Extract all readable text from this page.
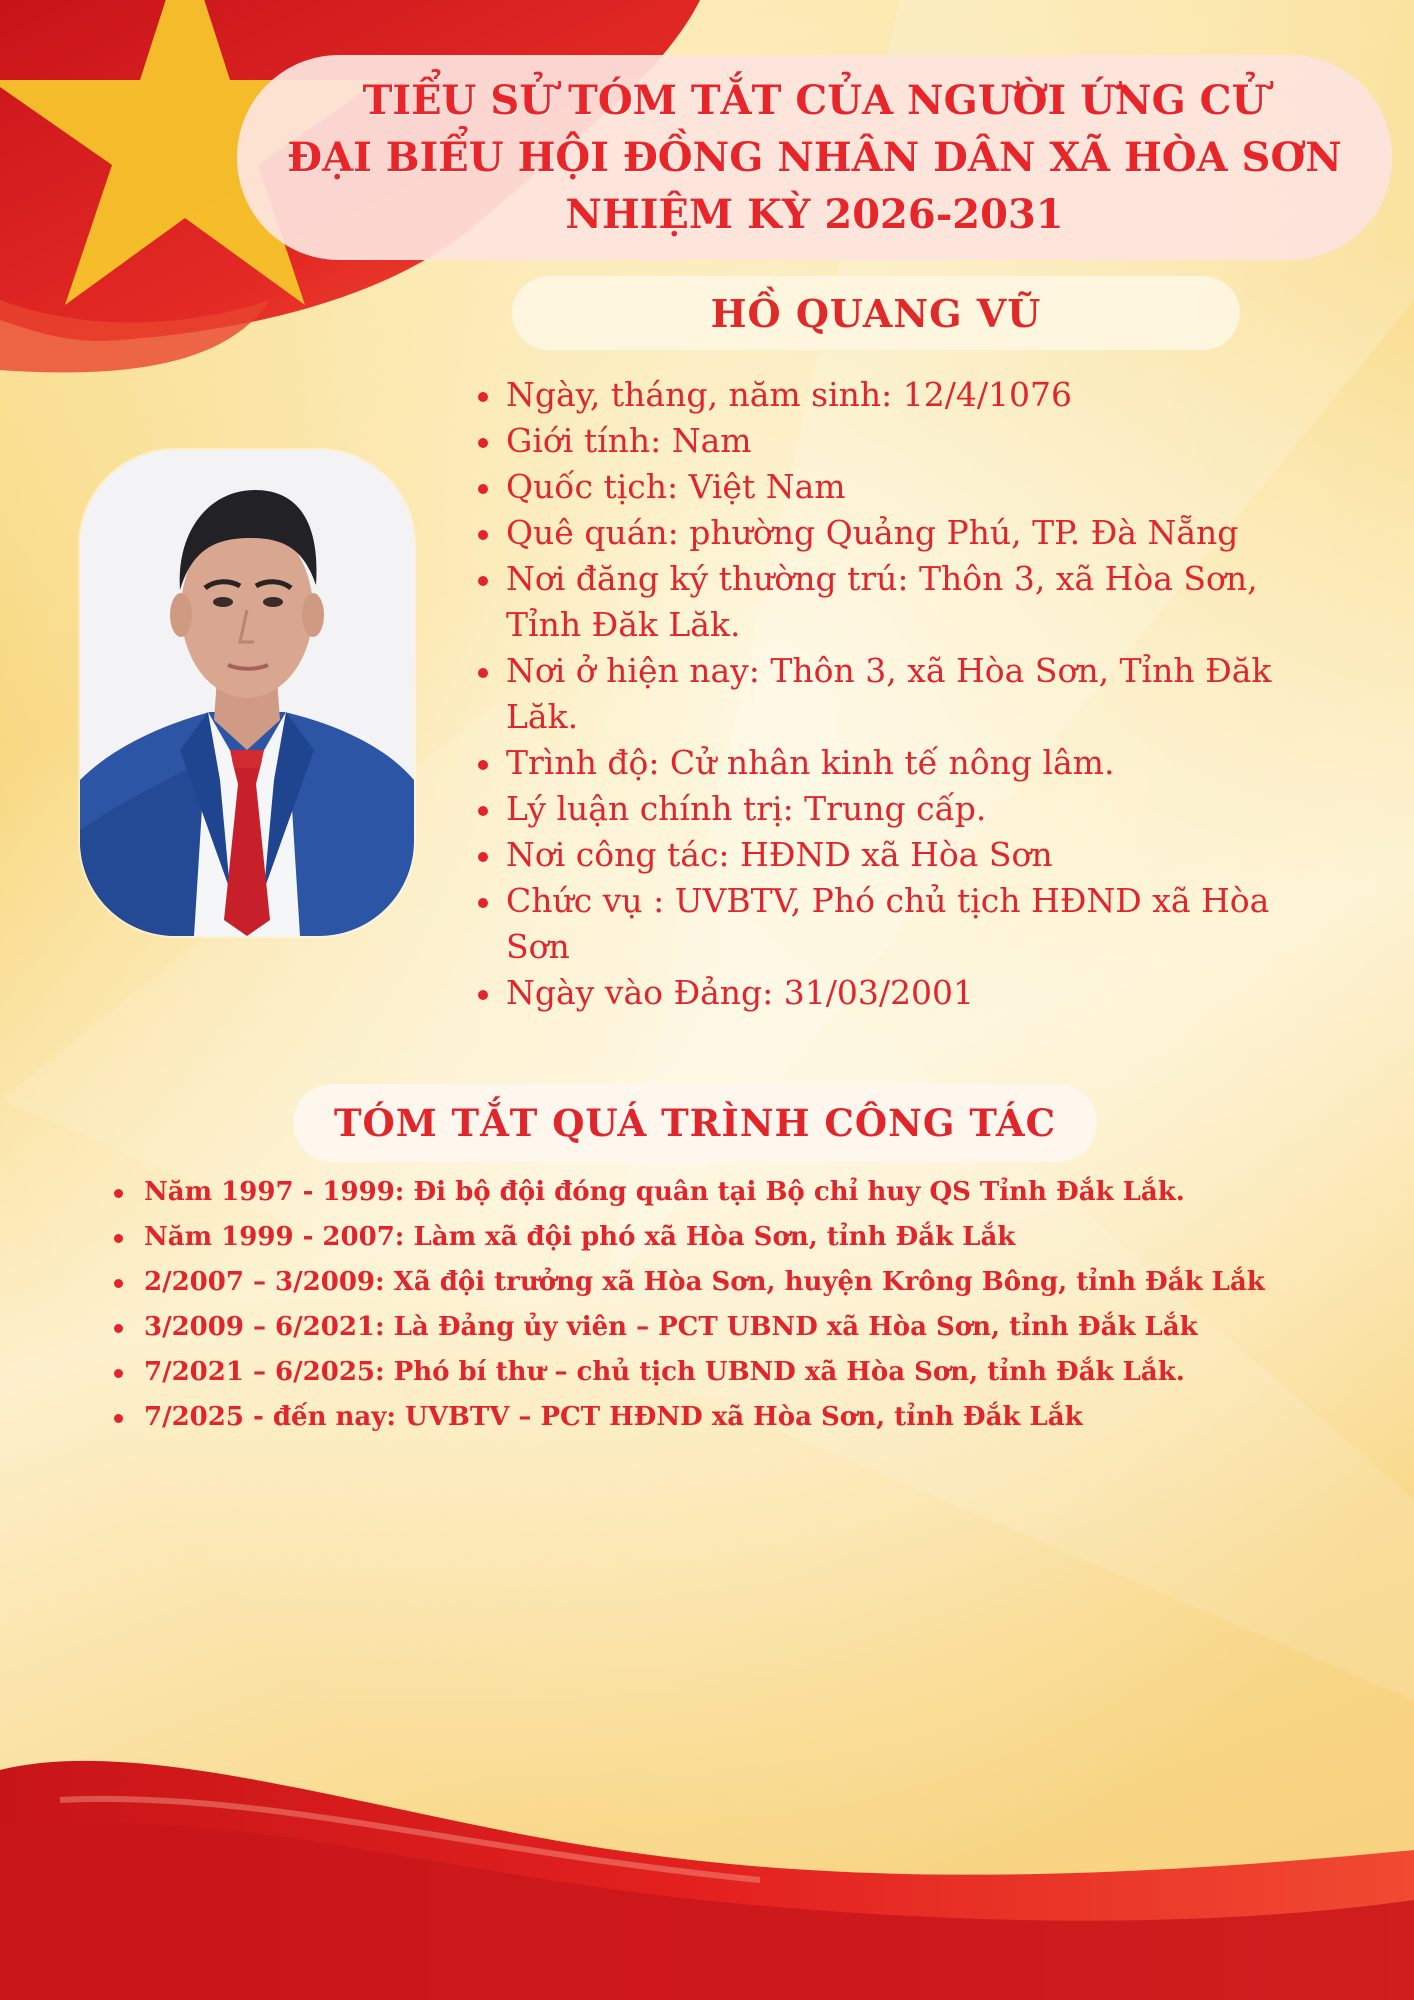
TIỂU SỬ TÓM TẮT CỦA NGƯỜI ỨNG CỬ
ĐẠI BIỂU HỘI ĐỒNG NHÂN DÂN XÃ HÒA SƠN
NHIỆM KỲ 2026-2031
HỒ QUANG VŨ
Ngày, tháng, năm sinh: 12/4/1076
Giới tính: Nam
Quốc tịch: Việt Nam
Quê quán: phường Quảng Phú, TP. Đà Nẵng
Nơi đăng ký thường trú: Thôn 3, xã Hòa Sơn, Tỉnh Đăk Lăk.
Nơi ở hiện nay: Thôn 3, xã Hòa Sơn, Tỉnh Đăk Lăk.
Trình độ: Cử nhân kinh tế nông lâm.
Lý luận chính trị: Trung cấp.
Nơi công tác: HĐND xã Hòa Sơn
Chức vụ : UVBTV, Phó chủ tịch HĐND xã Hòa Sơn
Ngày vào Đảng: 31/03/2001
TÓM TẮT QUÁ TRÌNH CÔNG TÁC
Năm 1997 - 1999: Đi bộ đội đóng quân tại Bộ chỉ huy QS Tỉnh Đắk Lắk.
Năm 1999 - 2007: Làm xã đội phó xã Hòa Sơn, tỉnh Đắk Lắk
2/2007 – 3/2009: Xã đội trưởng xã Hòa Sơn, huyện Krông Bông, tỉnh Đắk Lắk
3/2009 – 6/2021: Là Đảng ủy viên – PCT UBND xã Hòa Sơn, tỉnh Đắk Lắk
7/2021 – 6/2025: Phó bí thư – chủ tịch UBND xã Hòa Sơn, tỉnh Đắk Lắk.
7/2025 - đến nay: UVBTV – PCT HĐND xã Hòa Sơn, tỉnh Đắk Lắk
